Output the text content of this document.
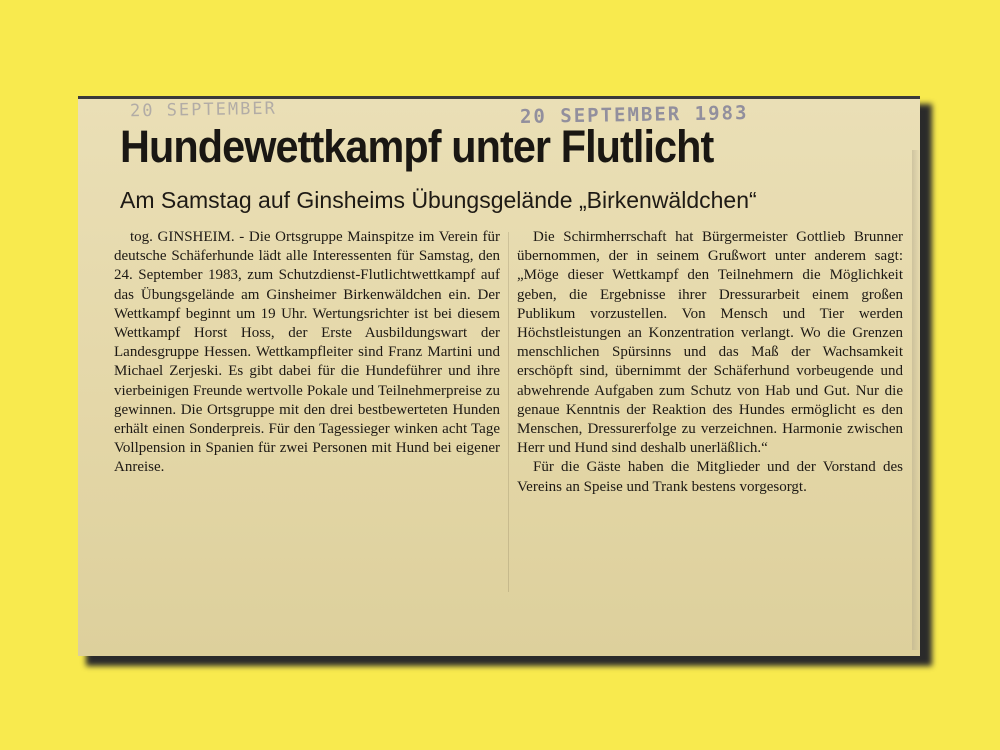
20 SEPTEMBER	20 SEPTEMBER 1983
Hundewettkampf unter Flutlicht
Am Samstag auf Ginsheims Übungsgelände „Birkenwäldchen“

tog. GINSHEIM. - Die Ortsgruppe Mainspitze im Verein für deutsche Schäferhunde lädt alle Interessenten für Samstag, den 24. September 1983, zum Schutzdienst-Flutlichtwettkampf auf das Übungsgelände am Ginsheimer Birkenwäldchen ein. Der Wettkampf beginnt um 19 Uhr. Wertungsrichter ist bei diesem Wettkampf Horst Hoss, der Erste Ausbildungswart der Landesgruppe Hessen. Wettkampfleiter sind Franz Martini und Michael Zerjeski. Es gibt dabei für die Hundeführer und ihre vierbeinigen Freunde wertvolle Pokale und Teilnehmerpreise zu gewinnen. Die Ortsgruppe mit den drei bestbewerteten Hunden erhält einen Sonderpreis. Für den Tagessieger winken acht Tage Vollpension in Spanien für zwei Personen mit Hund bei eigener Anreise.

Die Schirmherrschaft hat Bürgermeister Gottlieb Brunner übernommen, der in seinem Grußwort unter anderem sagt: „Möge dieser Wettkampf den Teilnehmern die Möglichkeit geben, die Ergebnisse ihrer Dressurarbeit einem großen Publikum vorzustellen. Von Mensch und Tier werden Höchstleistungen an Konzentration verlangt. Wo die Grenzen menschlichen Spürsinns und das Maß der Wachsamkeit erschöpft sind, übernimmt der Schäferhund vorbeugende und abwehrende Aufgaben zum Schutz von Hab und Gut. Nur die genaue Kenntnis der Reaktion des Hundes ermöglicht es den Menschen, Dressurerfolge zu verzeichnen. Harmonie zwischen Herr und Hund sind deshalb unerläßlich.“

Für die Gäste haben die Mitglieder und der Vorstand des Vereins an Speise und Trank bestens vorgesorgt.
